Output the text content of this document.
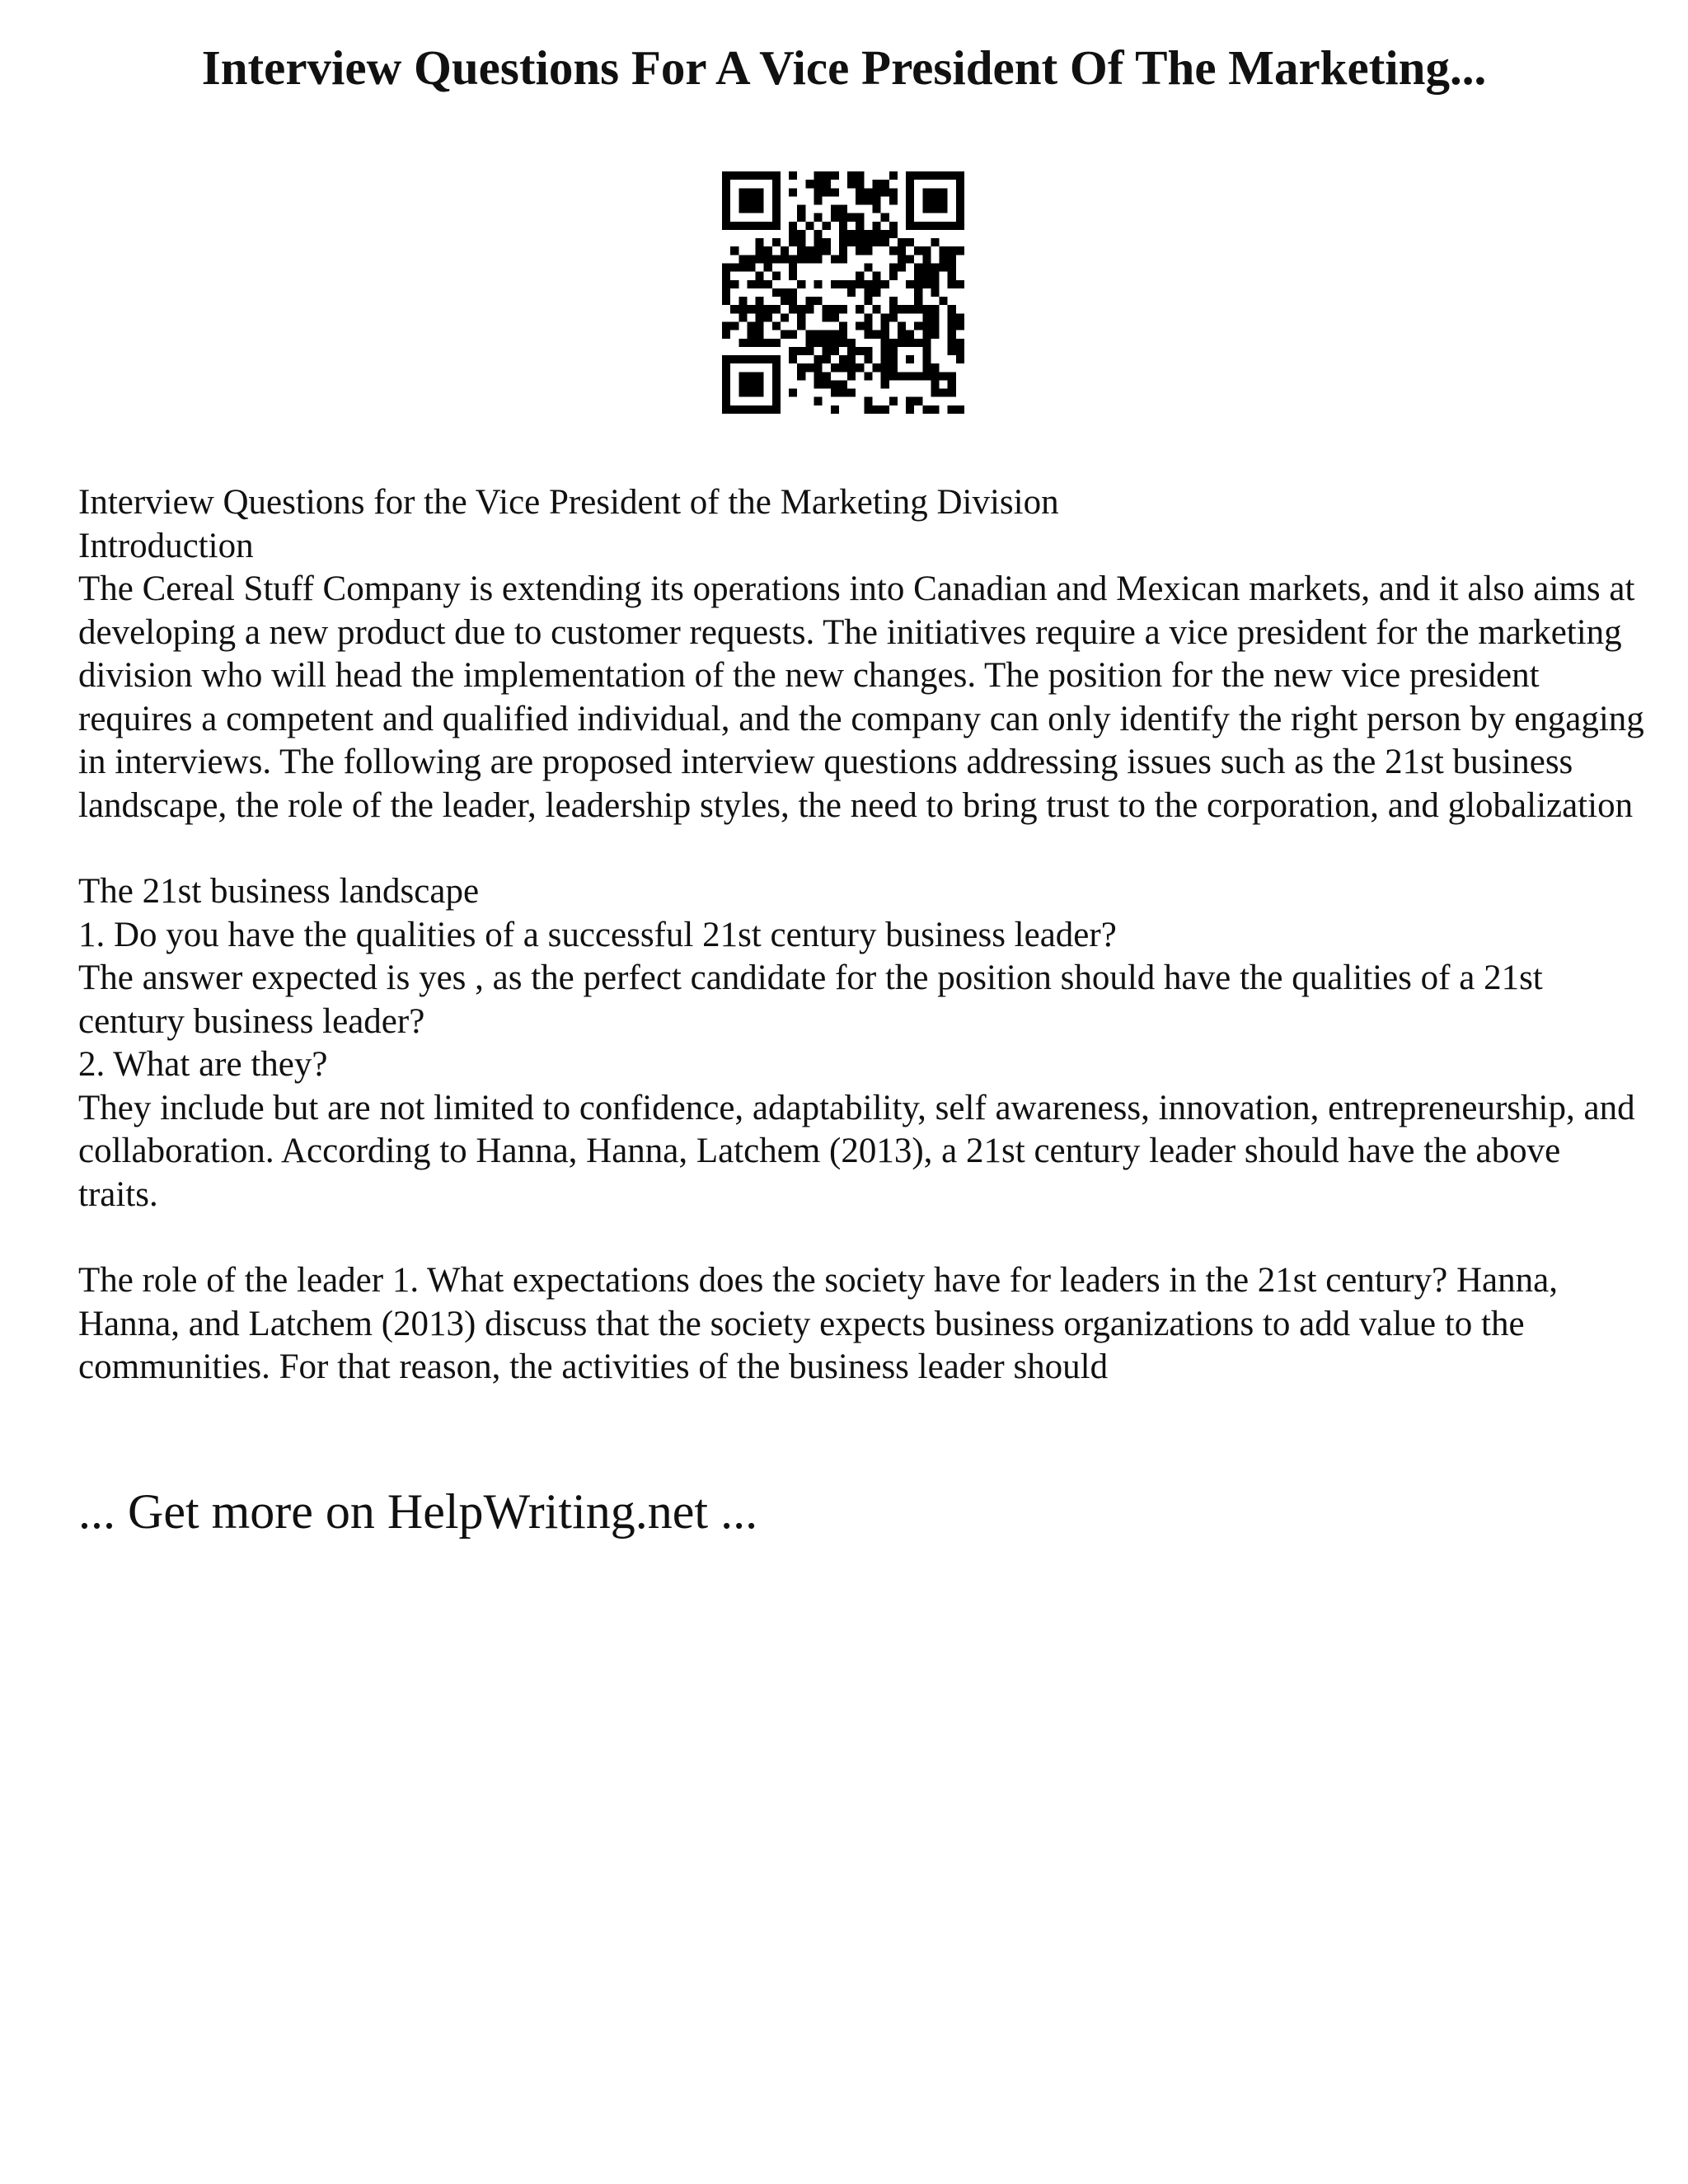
Interview Questions For A Vice President Of The Marketing...

Interview Questions for the Vice President of the Marketing Division

Introduction

The Cereal Stuff Company is extending its operations into Canadian and Mexican markets, and it also aims at developing a new product due to customer requests. The initiatives require a vice president for the marketing division who will head the implementation of the new changes. The position for the new vice president requires a competent and qualified individual, and the company can only identify the right person by engaging in interviews. The following are proposed interview questions addressing issues such as the 21st business landscape, the role of the leader, leadership styles, the need to bring trust to the corporation, and globalization

The 21st business landscape

1. Do you have the qualities of a successful 21st century business leader?

The answer expected is yes , as the perfect candidate for the position should have the qualities of a 21st century business leader?

2. What are they?

They include but are not limited to confidence, adaptability, self awareness, innovation, entrepreneurship, and collaboration. According to Hanna, Hanna, Latchem (2013), a 21st century leader should have the above traits.

The role of the leader 1. What expectations does the society have for leaders in the 21st century? Hanna, Hanna, and Latchem (2013) discuss that the society expects business organizations to add value to the communities. For that reason, the activities of the business leader should

... Get more on HelpWriting.net ...
